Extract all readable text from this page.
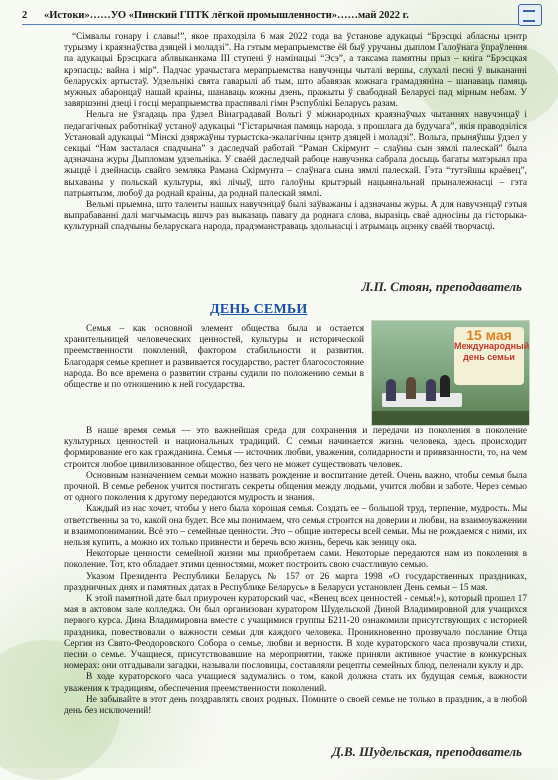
2	«Истоки»……УО «Пинский ГПТК лёгкой промышленности»……май 2022 г.

“Сімвалы гонару і славы!”, якое праходзіла 6 мая 2022 года ва ўстанове адукацыі “Брэсцкі абласны цэнтр турызму і краязнаўства дзяцей і моладзі”. На гэтым мерапрыемстве ёй быў уручаны дыплом Галоўнага ўпраўлення па адукацыі Брэсцкага аблвыканкама ІІІ ступені ў намінацыі “Эсэ”, а таксама памятны прыз – кніга “Брэсцкая крэпасць: вайна і мір”. Падчас урачыстага мерапрыемства навучэнцы чыталі вершы, слухалі песні ў выкананні беларускіх артыстаў. Удзельнікі свята гаварылі аб тым, што абавязак кожнага грамадзяніна – шанаваць памяць мужных абаронцаў нашай краіны, шанаваць кожны дзень, пражыты ў свабоднай Беларусі пад мірным небам. У завяршэнні дзеці і госці мерапрыемства праспявалі гімн Рэспублікі Беларусь разам.

Нельга не ўзгадаць пра ўдзел Вінаградавай Вольгі ў міжнародных краязнаўчых чытаннях навучэнцаў і педагагічных работнікаў устаноў адукацыі “Гістарычная памяць народа. з прошлага да будучага”, якія праводзіліся Установай адукацыі “Мінскі дзяржаўны турыстска-экалагічны цэнтр дзяцей і моладзі”. Вольга, прыняўшы ўдзел у секцыі “Нам засталася спадчына” з даследчай работай “Раман Скірмунт – слаўны сын зямлі палескай” была адзначана журы Дыпломам удзельніка. У сваёй даследчай рабоце навучэнка сабрала досыць багаты матэрыял пра жыццё і дзейнасць свайго земляка Рамана Скірмунта – слаўнага сына зямлі палескай. Гэта “тутэйшы краёвец”, выхаваны у польскай культуры, які лічыў, што галоўны крытэрый нацыянальнай прыналежнасці – гэта патрыятызм, любоў да роднай краіны, да роднай палескай зямлі.

Вельмі прыемна, што таленты нашых навучэнцаў былі заўважаны і адзначаны журы. А для навучэнцаў гэтыя выпрабаванні далі магчымасць яшчэ раз выказаць павагу да роднага слова, выразіць сваё адносіны да гісторыка-культурнай спадчыны беларускага народа, прадэманстраваць здольнасці і атрымаць ацэнку сваёй творчасці.

Л.П. Стоян, преподаватель
ДЕНЬ СЕМЬИ

Семья – как основной элемент общества была и остается хранительницей человеческих ценностей, культуры и исторической преемственности поколений, фактором стабильности и развития. Благодаря семье крепнет и развивается государство, растет благосостояние народа. Во все времена о развитии страны судили по положению семьи в обществе и по отношению к ней государства.

15 мая
Международный день семьи

В наше время семья — это важнейшая среда для сохранения и передачи из поколения в поколение культурных ценностей и национальных традиций. С семьи начинается жизнь человека, здесь происходит формирование его как гражданина. Семья — источник любви, уважения, солидарности и привязанности, то, на чем строится любое цивилизованное общество, без чего не может существовать человек.

Основным назначением семьи можно назвать рождение и воспитание детей. Очень важно, чтобы семья была прочной. В семье ребенок учится постигать секреты общения между людьми, учится любви и заботе. Через семью от одного поколения к другому передаются мудрость и знания.

Каждый из нас хочет, чтобы у него была хорошая семья. Создать ее – большой труд, терпение, мудрость. Мы ответственны за то, какой она будет. Все мы понимаем, что семья строится на доверии и любви, на взаимоуважении и взаимопонимании. Всё это – семейные ценности. Это – общие интересы всей семьи. Мы не рождаемся с ними, их нельзя купить, а можно их только привнести и беречь всю жизнь, беречь как зеницу ока.

Некоторые ценности семейной жизни мы приобретаем сами. Некоторые передаются нам из поколения в поколение. Тот, кто обладает этими ценностями, может построить свою счастливую семью.

Указом Президента Республики Беларусь № 157 от 26 марта 1998 «О государственных праздниках, праздничных днях и памятных датах в Республике Беларусь» в Беларуси установлен День семьи – 15 мая.

К этой памятной дате был приурочен кураторский час, «Венец всех ценностей - семья!»), который прошел 17 мая в актовом зале колледжа. Он был организован куратором Шудельской Диной Владимировной для учащихся первого курса. Дина Владимировна вместе с учащимися группы Б211-20 ознакомили присутствующих с историей праздника, повествовали о важности семьи для каждого человека. Проникновенно прозвучало послание Отца Сергия из Свято-Феодоровского Собора о семье, любви и верности. В ходе кураторского часа прозвучали стихи, песни о семье. Учащиеся, присутствовавшие на мероприятии, также приняли активное участие в конкурсных номерах: они отгадывали загадки, называли пословицы, составляли рецепты семейных блюд, пеленали куклу и др.

В ходе кураторского часа учащиеся задумались о том, какой должна стать их будущая семья, важности уважения к традициям, обеспечения преемственности поколений.

Не забывайте в этот день поздравлять своих родных. Помните о своей семье не только в праздник, а в любой день без исключений!

Д.В. Шудельская, преподаватель
